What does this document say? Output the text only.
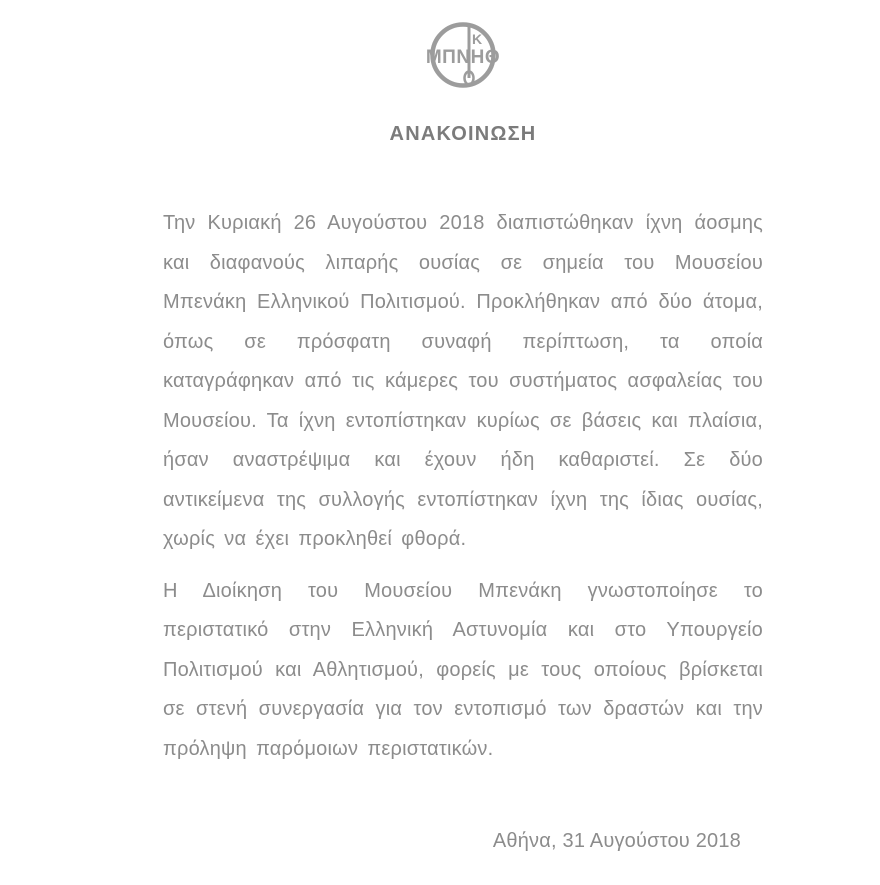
Κ
ΜΠΝΗΘ
ΑΝΑΚΟΙΝΩΣΗ

Την Κυριακή 26 Αυγούστου 2018 διαπιστώθηκαν ίχνη άοσμης και διαφανούς λιπαρής ουσίας σε σημεία του Μουσείου Μπενάκη Ελληνικού Πολιτισμού. Προκλήθηκαν από δύο άτομα, όπως σε πρόσφατη συναφή περίπτωση, τα οποία καταγράφηκαν από τις κάμερες του συστήματος ασφαλείας του Μουσείου. Τα ίχνη εντοπίστηκαν κυρίως σε βάσεις και πλαίσια, ήσαν αναστρέψιμα και έχουν ήδη καθαριστεί. Σε δύο αντικείμενα της συλλογής εντοπίστηκαν ίχνη της ίδιας ουσίας, χωρίς να έχει προκληθεί φθορά.

Η Διοίκηση του Μουσείου Μπενάκη γνωστοποίησε το περιστατικό στην Ελληνική Αστυνομία και στο Υπουργείο Πολιτισμού και Αθλητισμού, φορείς με τους οποίους βρίσκεται σε στενή συνεργασία για τον εντοπισμό των δραστών και την πρόληψη παρόμοιων περιστατικών.

Αθήνα, 31 Αυγούστου 2018
